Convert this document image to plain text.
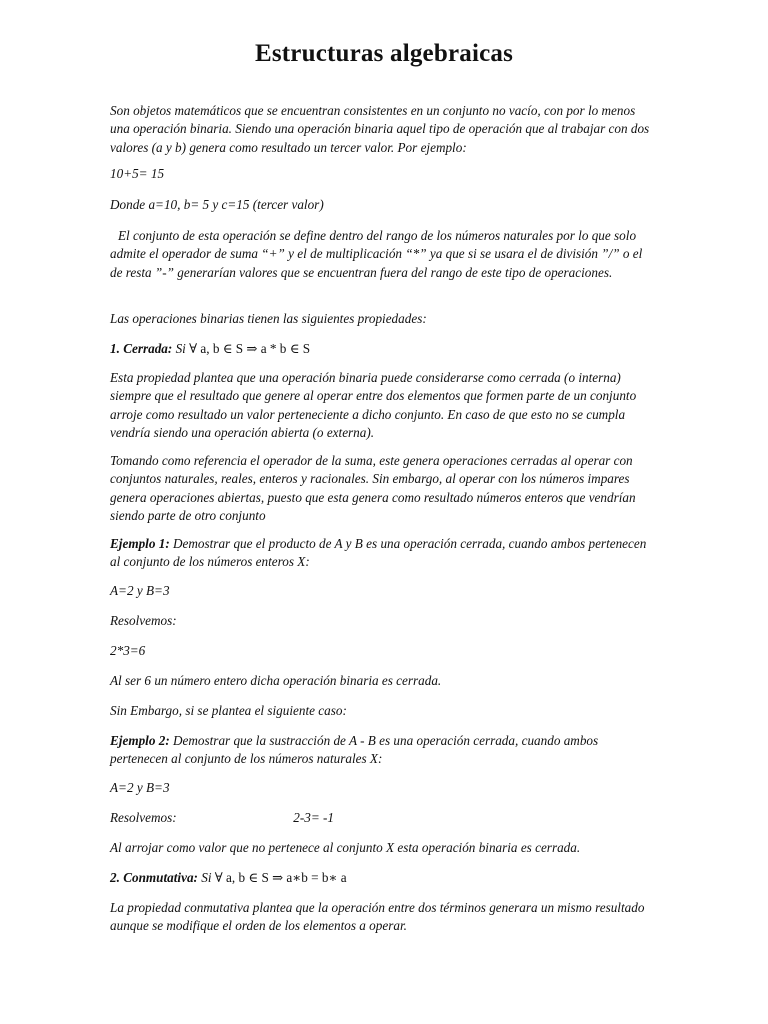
Estructuras algebraicas

Son objetos matemáticos que se encuentran consistentes en un conjunto no vacío, con por lo menos una operación binaria. Siendo una operación binaria aquel tipo de operación que al trabajar con dos valores (a y b) genera como resultado un tercer valor. Por ejemplo:

10+5= 15

Donde a=10, b= 5 y c=15 (tercer valor)

El conjunto de esta operación se define dentro del rango de los números naturales por lo que solo admite el operador de suma “+” y el de multiplicación “*” ya que si se usara el de división ”/” o el de resta ”-” generarían valores que se encuentran fuera del rango de este tipo de operaciones.

Las operaciones binarias tienen las siguientes propiedades:

1. Cerrada: Si ∀ a, b ∈ S ⇒ a * b ∈ S

Esta propiedad plantea que una operación binaria puede considerarse como cerrada (o interna) siempre que el resultado que genere al operar entre dos elementos que formen parte de un conjunto arroje como resultado un valor perteneciente a dicho conjunto. En caso de que esto no se cumpla vendría siendo una operación abierta (o externa).

Tomando como referencia el operador de la suma, este genera operaciones cerradas al operar con conjuntos naturales, reales, enteros y racionales. Sin embargo, al operar con los números impares genera operaciones abiertas, puesto que esta genera como resultado números enteros que vendrían siendo parte de otro conjunto

Ejemplo 1: Demostrar que el producto de A y B es una operación cerrada, cuando ambos pertenecen al conjunto de los números enteros X:

A=2 y B=3

Resolvemos:

2*3=6

Al ser 6 un número entero dicha operación binaria es cerrada.

Sin Embargo, si se plantea el siguiente caso:

Ejemplo 2: Demostrar que la sustracción de A - B es una operación cerrada, cuando ambos pertenecen al conjunto de los números naturales X:

A=2 y B=3

Resolvemos:	2-3= -1

Al arrojar como valor que no pertenece al conjunto X esta operación binaria es cerrada.

2. Conmutativa: Si ∀ a, b ∈ S ⇒ a∗b = b∗ a

La propiedad conmutativa plantea que la operación entre dos términos generara un mismo resultado aunque se modifique el orden de los elementos a operar.
